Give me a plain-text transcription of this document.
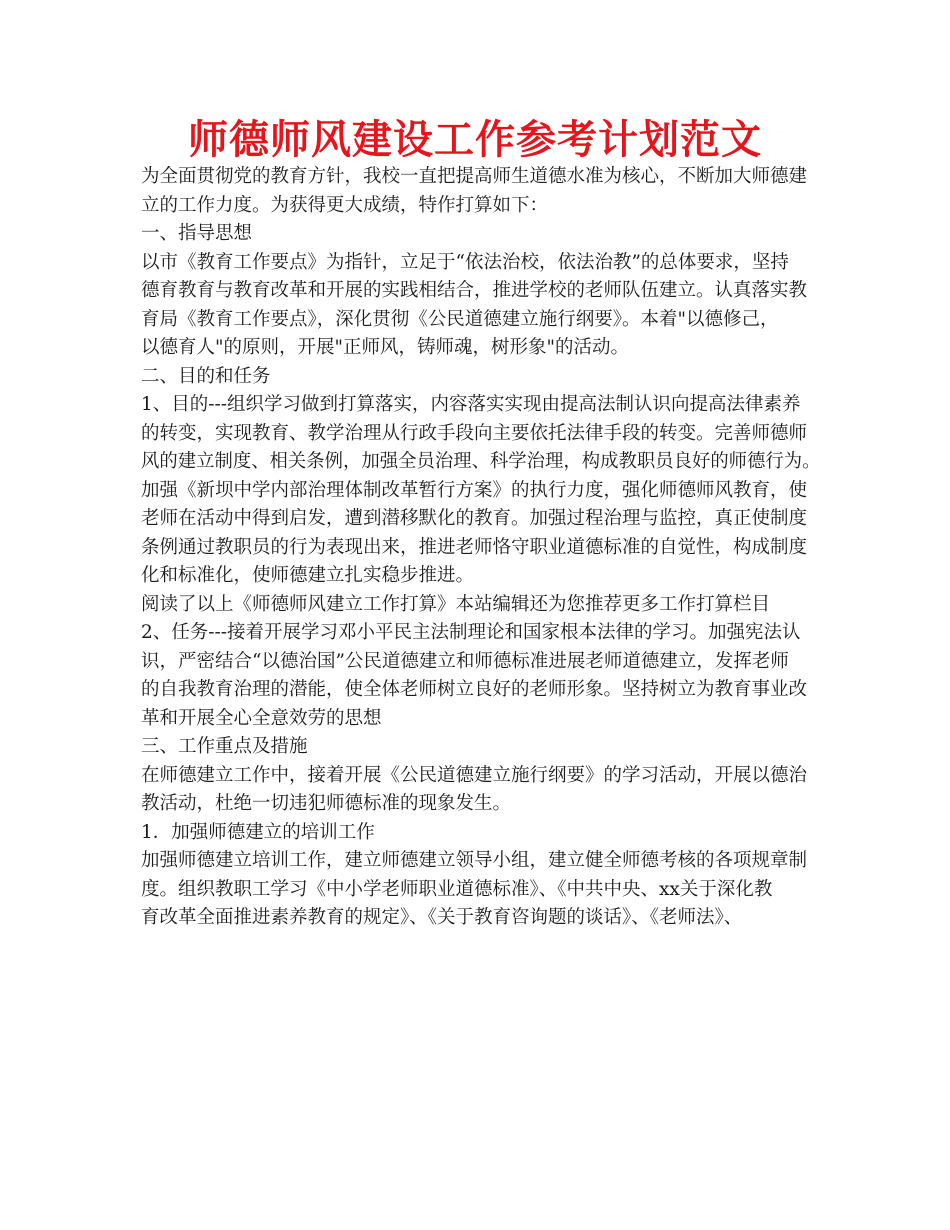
师德师风建设工作参考计划范文

为全面贯彻党的教育方针，我校一直把提高师生道德水准为核心，不断加大师德建
立的工作力度。为获得更大成绩，特作打算如下：

一、指导思想

以市《教育工作要点》为指针，立足于“依法治校，依法治教”的总体要求，坚持
德育教育与教育改革和开展的实践相结合，推进学校的老师队伍建立。认真落实教
育局《教育工作要点》，深化贯彻《公民道德建立施行纲要》。本着"以德修己，
以德育人"的原则，开展"正师风，铸师魂，树形象"的活动。

二、目的和任务

1、目的---组织学习做到打算落实，内容落实实现由提高法制认识向提高法律素养
的转变，实现教育、教学治理从行政手段向主要依托法律手段的转变。完善师德师
风的建立制度、相关条例，加强全员治理、科学治理，构成教职员良好的师德行为。
加强《新坝中学内部治理体制改革暂行方案》的执行力度，强化师德师风教育，使
老师在活动中得到启发，遭到潜移默化的教育。加强过程治理与监控，真正使制度
条例通过教职员的行为表现出来，推进老师恪守职业道德标准的自觉性，构成制度
化和标准化，使师德建立扎实稳步推进。

阅读了以上《师德师风建立工作打算》本站编辑还为您推荐更多工作打算栏目

2、任务---接着开展学习邓小平民主法制理论和国家根本法律的学习。加强宪法认
识，严密结合“以德治国”公民道德建立和师德标准进展老师道德建立，发挥老师
的自我教育治理的潜能，使全体老师树立良好的老师形象。坚持树立为教育事业改
革和开展全心全意效劳的思想

三、工作重点及措施

在师德建立工作中，接着开展《公民道德建立施行纲要》的学习活动，开展以德治
教活动，杜绝一切违犯师德标准的现象发生。

1．加强师德建立的培训工作

加强师德建立培训工作，建立师德建立领导小组，建立健全师德考核的各项规章制
度。组织教职工学习《中小学老师职业道德标准》、《中共中央、xx关于深化教
育改革全面推进素养教育的规定》、《关于教育咨询题的谈话》、《老师法》、
